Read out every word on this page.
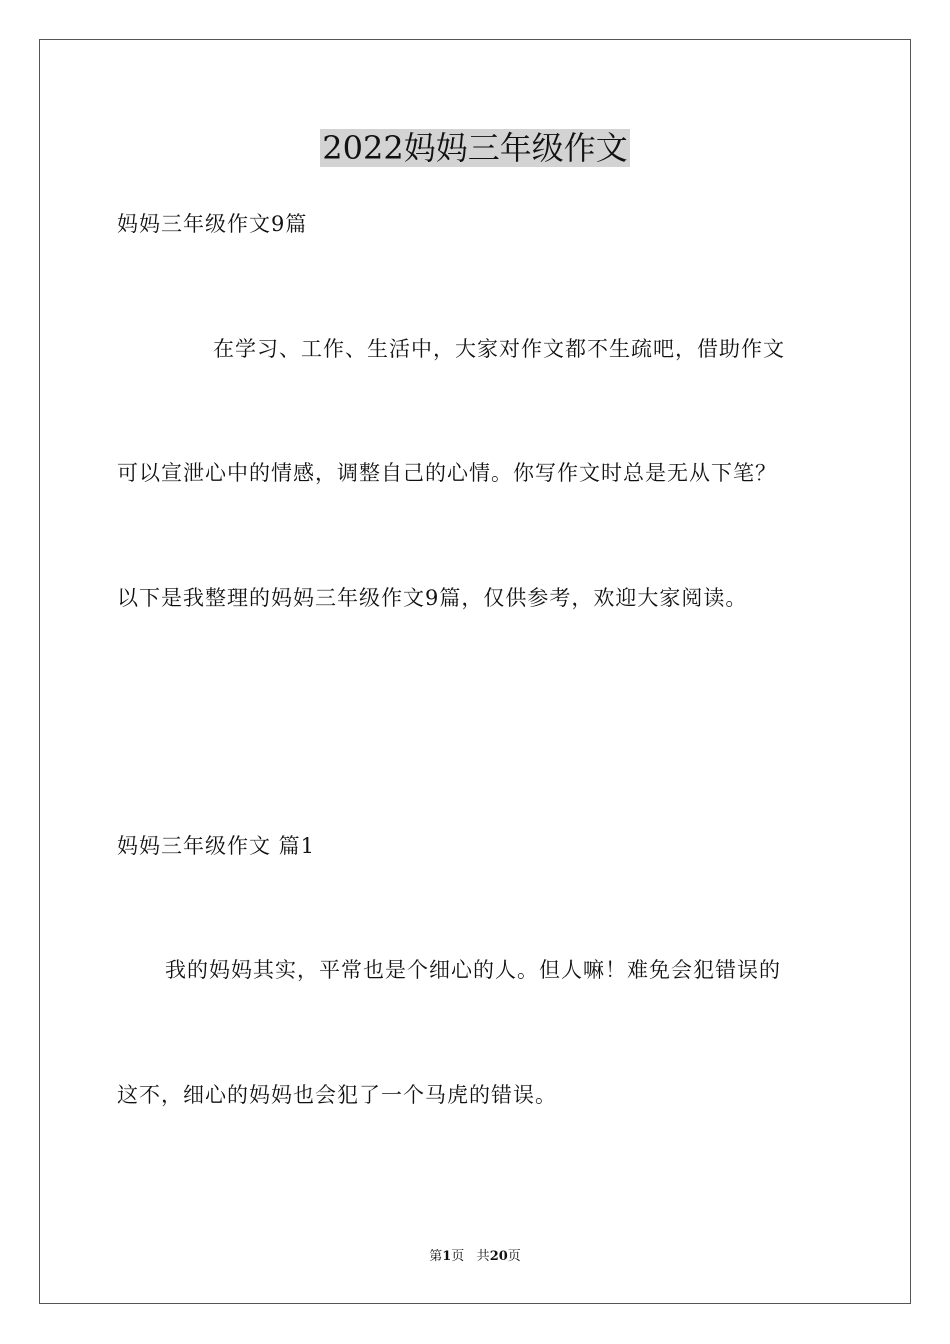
2022妈妈三年级作文
妈妈三年级作文9篇
在学习、工作、生活中，大家对作文都不生疏吧，借助作文
可以宣泄心中的情感，调整自己的心情。你写作文时总是无从下笔？
以下是我整理的妈妈三年级作文9篇，仅供参考，欢迎大家阅读。
妈妈三年级作文 篇1
我的妈妈其实，平常也是个细心的人。但人嘛！难免会犯错误的
这不，细心的妈妈也会犯了一个马虎的错误。
第1页 共20页
